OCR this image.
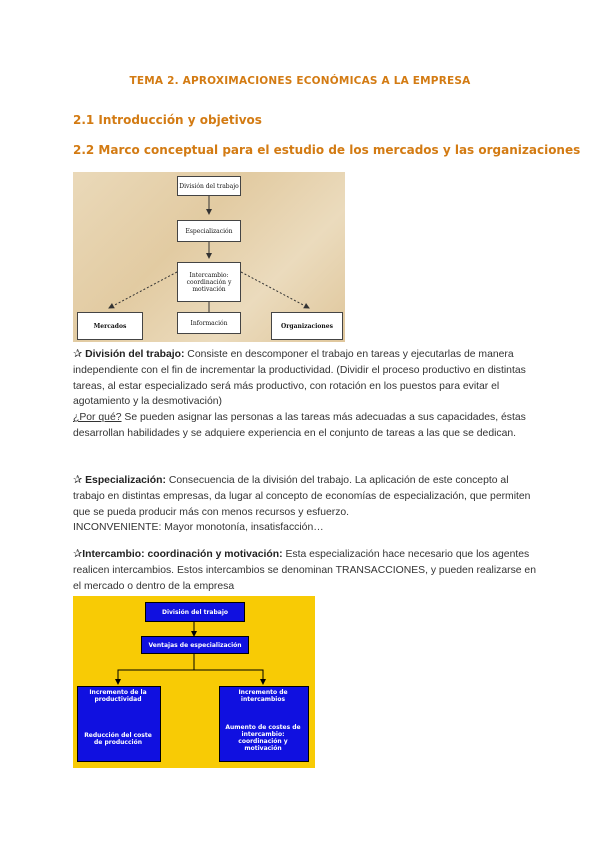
TEMA 2. APROXIMACIONES ECONÓMICAS A LA EMPRESA
2.1 Introducción y objetivos
2.2 Marco conceptual para el estudio de los mercados y las organizaciones
División del trabajo
Especialización
Intercambio: coordinación y motivación
Mercados	Información	Organizaciones
✰ División del trabajo: Consiste en descomponer el trabajo en tareas y ejecutarlas de manera independiente con el fin de incrementar la productividad. (Dividir el proceso productivo en distintas tareas, al estar especializado será más productivo, con rotación en los puestos para evitar el agotamiento y la desmotivación)
¿Por qué? Se pueden asignar las personas a las tareas más adecuadas a sus capacidades, éstas desarrollan habilidades y se adquiere experiencia en el conjunto de tareas a las que se dedican.
✰ Especialización: Consecuencia de la división del trabajo. La aplicación de este concepto al trabajo en distintas empresas, da lugar al concepto de economías de especialización, que permiten que se pueda producir más con menos recursos y esfuerzo.
INCONVENIENTE: Mayor monotonía, insatisfacción…
✰Intercambio: coordinación y motivación: Esta especialización hace necesario que los agentes realicen intercambios. Estos intercambios se denominan TRANSACCIONES, y pueden realizarse en el mercado o dentro de la empresa
División del trabajo
Ventajas de especialización
Incremento de la productividad
Reducción del coste de producción
Incremento de intercambios
Aumento de costes de intercambio: coordinación y motivación
